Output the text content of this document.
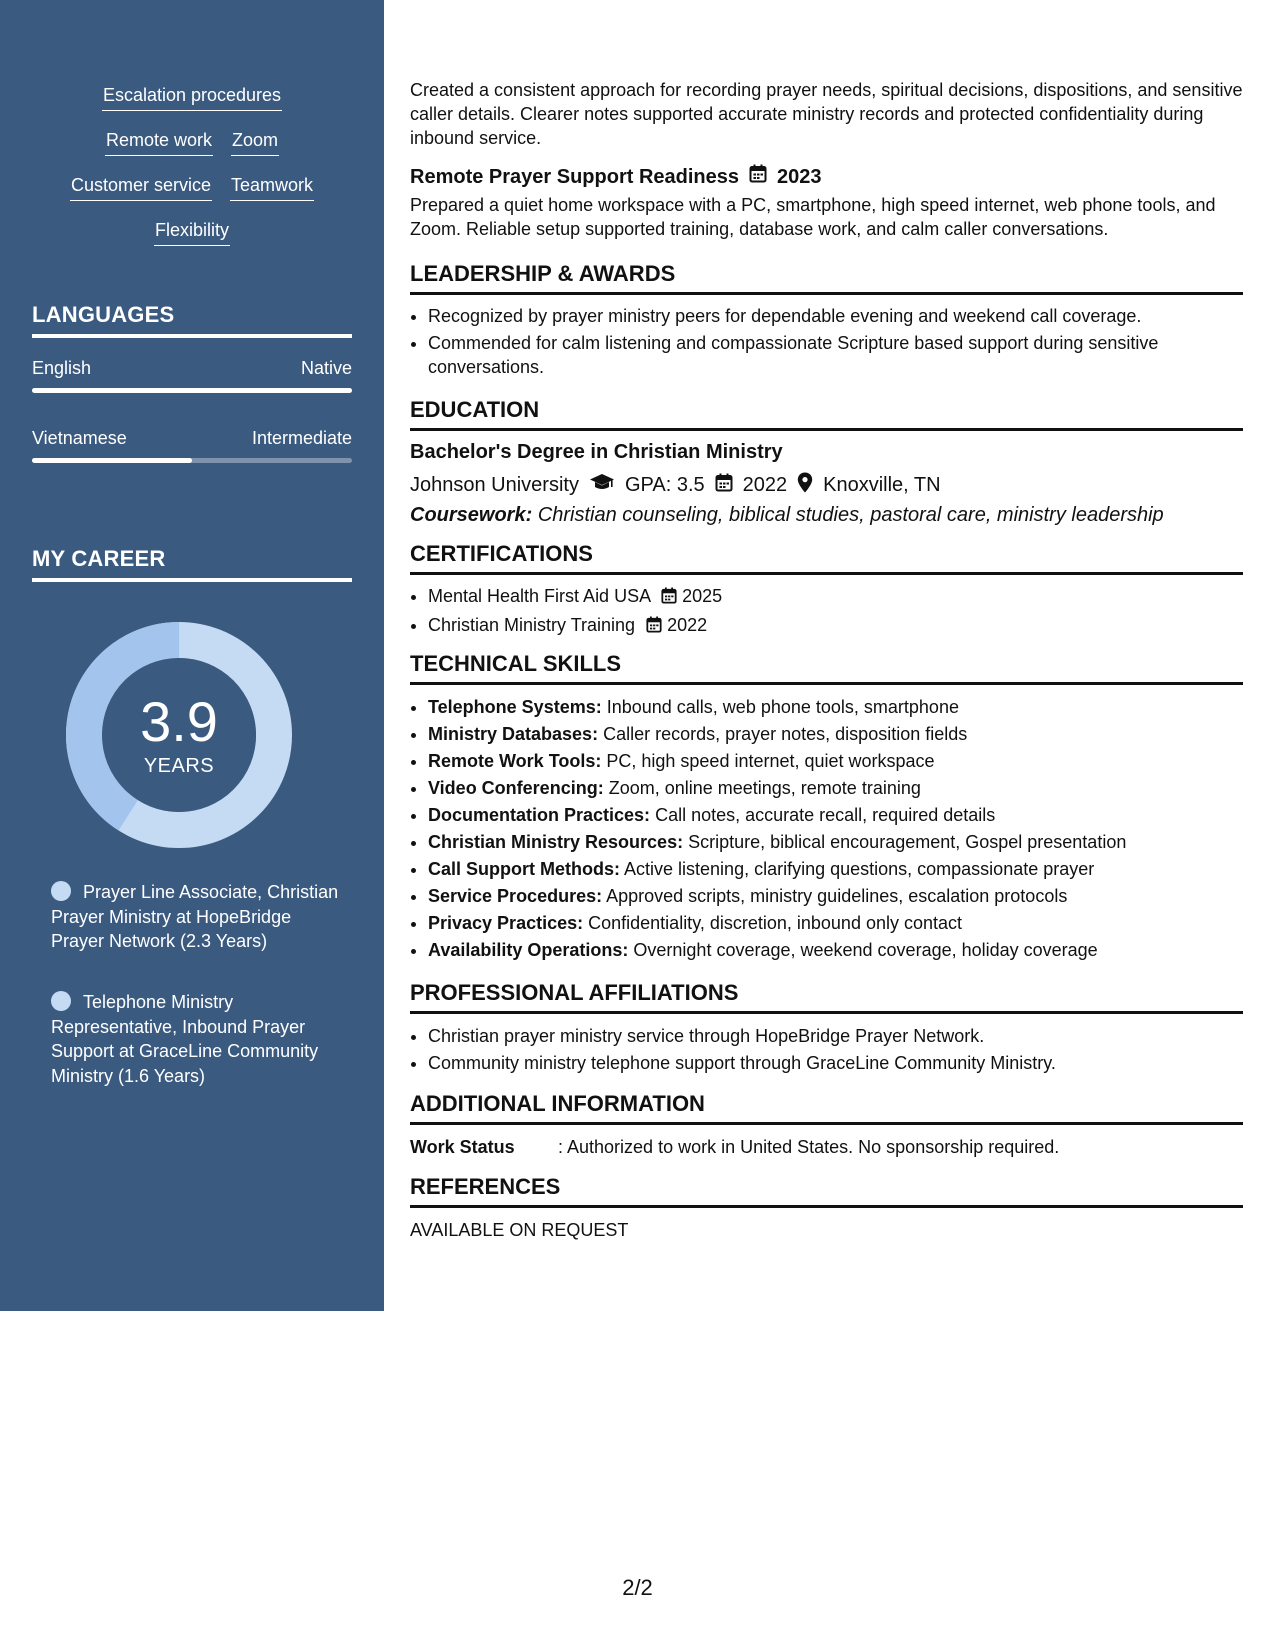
Escalation procedures
Remote work Zoom
Customer service Teamwork
Flexibility
LANGUAGES
English	Native
Vietnamese	Intermediate
MY CAREER
3.9
YEARS
Prayer Line Associate, Christian Prayer Ministry at HopeBridge Prayer Network (2.3 Years)
Telephone Ministry Representative, Inbound Prayer Support at GraceLine Community Ministry (1.6 Years)
Created a consistent approach for recording prayer needs, spiritual decisions, dispositions, and sensitive caller details. Clearer notes supported accurate ministry records and protected confidentiality during inbound service.
Remote Prayer Support Readiness 2023
Prepared a quiet home workspace with a PC, smartphone, high speed internet, web phone tools, and Zoom. Reliable setup supported training, database work, and calm caller conversations.
LEADERSHIP & AWARDS
• Recognized by prayer ministry peers for dependable evening and weekend call coverage.
• Commended for calm listening and compassionate Scripture based support during sensitive conversations.
EDUCATION
Bachelor's Degree in Christian Ministry
Johnson University GPA: 3.5 2022 Knoxville, TN
Coursework: Christian counseling, biblical studies, pastoral care, ministry leadership
CERTIFICATIONS
• Mental Health First Aid USA 2025
• Christian Ministry Training 2022
TECHNICAL SKILLS
• Telephone Systems: Inbound calls, web phone tools, smartphone
• Ministry Databases: Caller records, prayer notes, disposition fields
• Remote Work Tools: PC, high speed internet, quiet workspace
• Video Conferencing: Zoom, online meetings, remote training
• Documentation Practices: Call notes, accurate recall, required details
• Christian Ministry Resources: Scripture, biblical encouragement, Gospel presentation
• Call Support Methods: Active listening, clarifying questions, compassionate prayer
• Service Procedures: Approved scripts, ministry guidelines, escalation protocols
• Privacy Practices: Confidentiality, discretion, inbound only contact
• Availability Operations: Overnight coverage, weekend coverage, holiday coverage
PROFESSIONAL AFFILIATIONS
• Christian prayer ministry service through HopeBridge Prayer Network.
• Community ministry telephone support through GraceLine Community Ministry.
ADDITIONAL INFORMATION
Work Status : Authorized to work in United States. No sponsorship required.
REFERENCES
AVAILABLE ON REQUEST
2/2
